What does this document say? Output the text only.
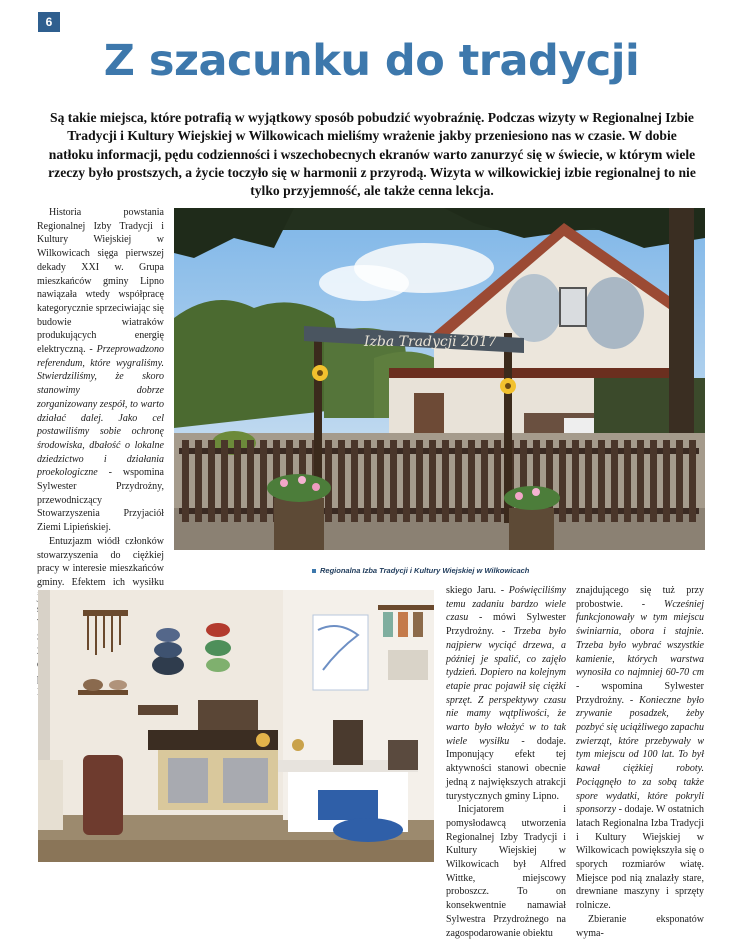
6
Z szacunku do tradycji

Są takie miejsca, które potrafią w wyjątkowy sposób pobudzić wyobraźnię. Podczas wizyty w Regionalnej Izbie Tradycji i Kultury Wiejskiej w Wilkowicach mieliśmy wrażenie jakby przeniesiono nas w czasie. W dobie natłoku informacji, pędu codzienności i wszechobecnych ekranów warto zanurzyć się w świecie, w którym wiele rzeczy było prostszych, a życie toczyło się w harmonii z przyrodą. Wizyta w wilkowickiej izbie regionalnej to nie tylko przyjemność, ale także cenna lekcja.

Historia powstania Regionalnej Izby Tradycji i Kultury Wiejskiej w Wilkowicach sięga pierwszej dekady XXI w. Grupa mieszkańców gminy Lipno nawiązała wtedy współpracę kategorycznie sprzeciwiając się budowie wiatraków produkujących energię elektryczną. - Przeprowadzono referendum, które wygraliśmy. Stwierdziliśmy, że skoro stanowimy dobrze zorganizowany zespół, to warto działać dalej. Jako cel postawiliśmy sobie ochronę środowiska, dbałość o lokalne dziedzictwo i działania proekologiczne - wspomina Sylwester Przydrożny, przewodniczący Stowarzyszenia Przyjaciół Ziemi Lipieńskiej.

Entuzjazm wiódł członków stowarzyszenia do ciężkiej pracy w interesie mieszkańców gminy. Efektem ich wysiłku

Izba Tradycji 2017
Regionalna Izba Tradycji i Kultury Wiejskiej w Wilkowicach

skiego Jaru. - Poświęciliśmy temu zadaniu bardzo wiele czasu - mówi Sylwester Przydrożny. - Trzeba było najpierw wyciąć drzewa, a później je spalić, co zajęło tydzień. Dopiero na kolejnym etapie prac pojawił się ciężki sprzęt. Z perspektywy czasu nie mamy wątpliwości, że warto było włożyć w to tak wiele wysiłku - dodaje. Imponujący efekt tej aktywności stanowi obecnie jedną z największych atrakcji turystycznych gminy Lipno.

Inicjatorem i pomysłodawcą utworzenia Regionalnej Izby Tradycji i Kultury Wiejskiej w Wilkowicach był Alfred Wittke, miejscowy proboszcz. To on konsekwentnie namawiał Sylwestra Przydrożnego na zagospodarowanie obiektu

znajdującego się tuż przy probostwie. - Wcześniej funkcjonowały w tym miejscu świniarnia, obora i stajnie. Trzeba było wybrać wszystkie kamienie, których warstwa wynosiła co najmniej 60-70 cm - wspomina Sylwester Przydrożny. - Konieczne było zrywanie posadzek, żeby pozbyć się uciążliwego zapachu zwierząt, które przebywały w tym miejscu od 100 lat. To był kawał ciężkiej roboty. Pociągnęło to za sobą także spore wydatki, które pokryli sponsorzy - dodaje. W ostatnich latach Regionalna Izba Tradycji i Kultury Wiejskiej w Wilkowicach powiększyła się o sporych rozmiarów wiatę. Miejsce pod nią znalazły stare, drewniane maszyny i sprzęty rolnicze.

Zbieranie eksponatów wyma-
